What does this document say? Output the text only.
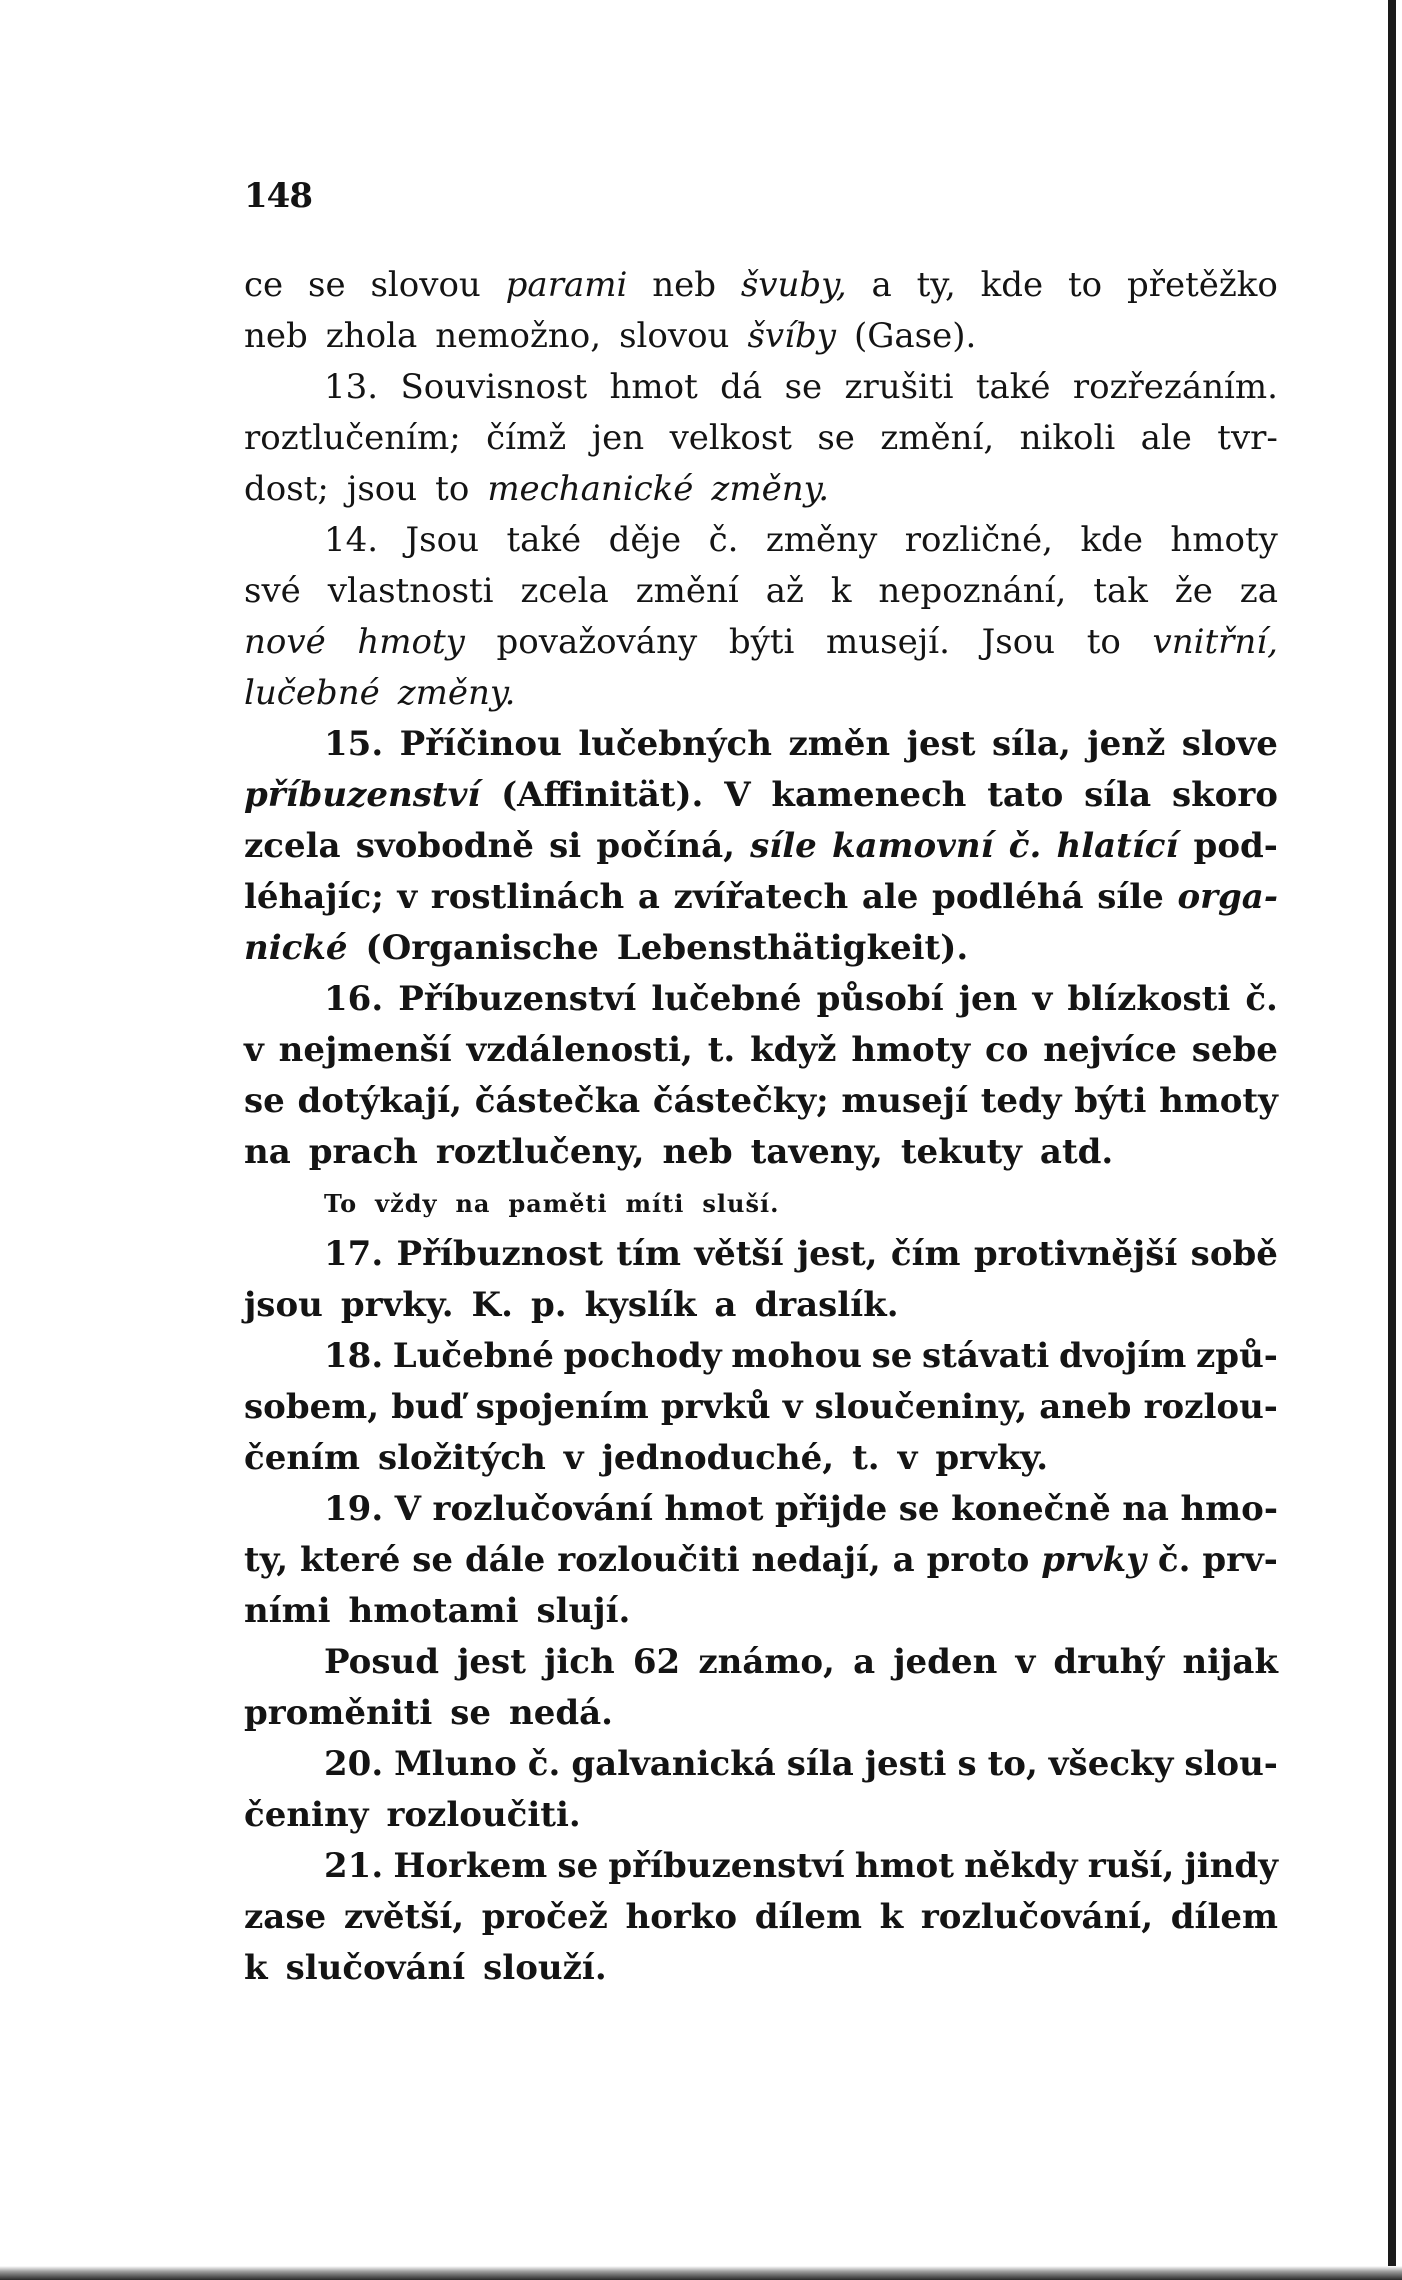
148
ce se slovou parami neb švuby, a ty, kde to přetěžko
neb zhola nemožno, slovou švíby (Gase).
13. Souvisnost hmot dá se zrušiti také rozřezáním.
roztlučením; čímž jen velkost se změní, nikoli ale tvr-
dost; jsou to mechanické změny.
14. Jsou také děje č. změny rozličné, kde hmoty
své vlastnosti zcela změní až k nepoznání, tak že za
nové hmoty považovány býti musejí. Jsou to vnitřní,
lučebné změny.
15. Příčinou lučebných změn jest síla, jenž slove
příbuzenství (Affinität). V kamenech tato síla skoro
zcela svobodně si počíná, síle kamovní č. hlatící pod-
léhajíc; v rostlinách a zvířatech ale podléhá síle orga-
nické (Organische Lebensthätigkeit).
16. Příbuzenství lučebné působí jen v blízkosti č.
v nejmenší vzdálenosti, t. když hmoty co nejvíce sebe
se dotýkají, částečka částečky; musejí tedy býti hmoty
na prach roztlučeny, neb taveny, tekuty atd.
To vždy na paměti míti sluší.
17. Příbuznost tím větší jest, čím protivnější sobě
jsou prvky. K. p. kyslík a draslík.
18. Lučebné pochody mohou se stávati dvojím způ-
sobem, buď spojením prvků v sloučeniny, aneb rozlou-
čením složitých v jednoduché, t. v prvky.
19. V rozlučování hmot přijde se konečně na hmo-
ty, které se dále rozloučiti nedají, a proto prvky č. prv-
ními hmotami slují.
Posud jest jich 62 známo, a jeden v druhý nijak
proměniti se nedá.
20. Mluno č. galvanická síla jesti s to, všecky slou-
čeniny rozloučiti.
21. Horkem se příbuzenství hmot někdy ruší, jindy
zase zvětší, pročež horko dílem k rozlučování, dílem
k slučování slouží.
